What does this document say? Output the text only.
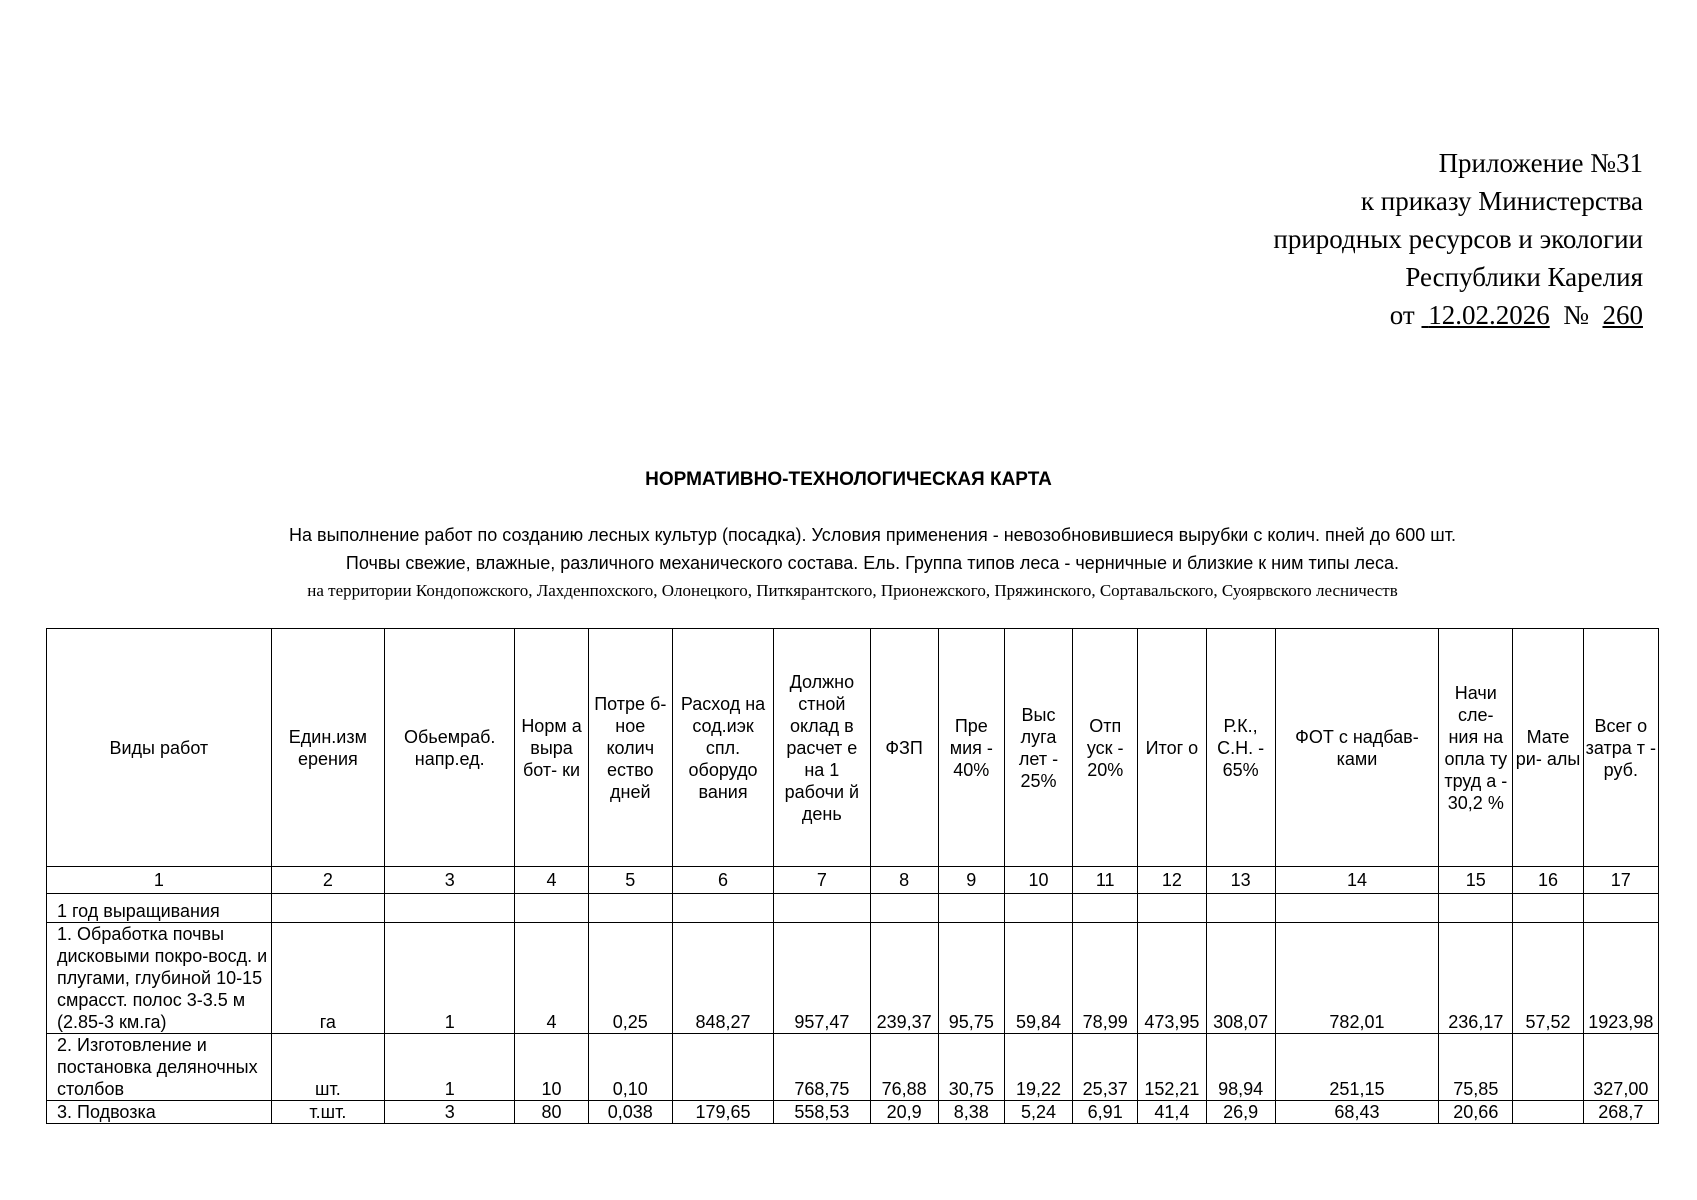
Приложение №31
к приказу Министерства
природных ресурсов и экологии
Республики Карелия
от 12.02.2026 № 260
НОРМАТИВНО-ТЕХНОЛОГИЧЕСКАЯ КАРТА
На выполнение работ по созданию лесных культур (посадка). Условия применения - невозобновившиеся вырубки с колич. пней до 600 шт.
Почвы свежие, влажные, различного механического состава. Ель. Группа типов леса - черничные и близкие к ним типы леса.
на территории Кондопожского, Лахденпохского, Олонецкого, Питкярантского, Прионежского, Пряжинского, Сортавальского, Суоярвского лесничеств
Виды работ	Един.изм ерения	Обьемраб. напр.ед.	Норм а выра бот- ки	Потре б-ное колич ество дней	Расход на сод.иэк спл. оборудо вания	Должно стной оклад в расчет е на 1 рабочи й день	ФЗП	Пре мия - 40%	Выс луга лет - 25%	Отп уск - 20%	Итог о	Р.К., С.Н. - 65%	ФОТ с надбав- ками	Начи сле- ния на опла ту труд а - 30,2 %	Мате ри- алы	Всег о затра т - руб.
1	2	3	4	5	6	7	8	9	10	11	12	13	14	15	16	17
1 год выращивания																
1. Обработка почвы дисковыми покро-восд. и плугами, глубиной 10-15 смрасст. полос 3-3.5 м (2.85-3 км.га)	га	1	4	0,25	848,27	957,47	239,37	95,75	59,84	78,99	473,95	308,07	782,01	236,17	57,52	1923,98
2. Изготовление и постановка деляночных столбов	шт.	1	10	0,10		768,75	76,88	30,75	19,22	25,37	152,21	98,94	251,15	75,85		327,00
3. Подвозка	т.шт.	3	80	0,038	179,65	558,53	20,9	8,38	5,24	6,91	41,4	26,9	68,43	20,66		268,7
